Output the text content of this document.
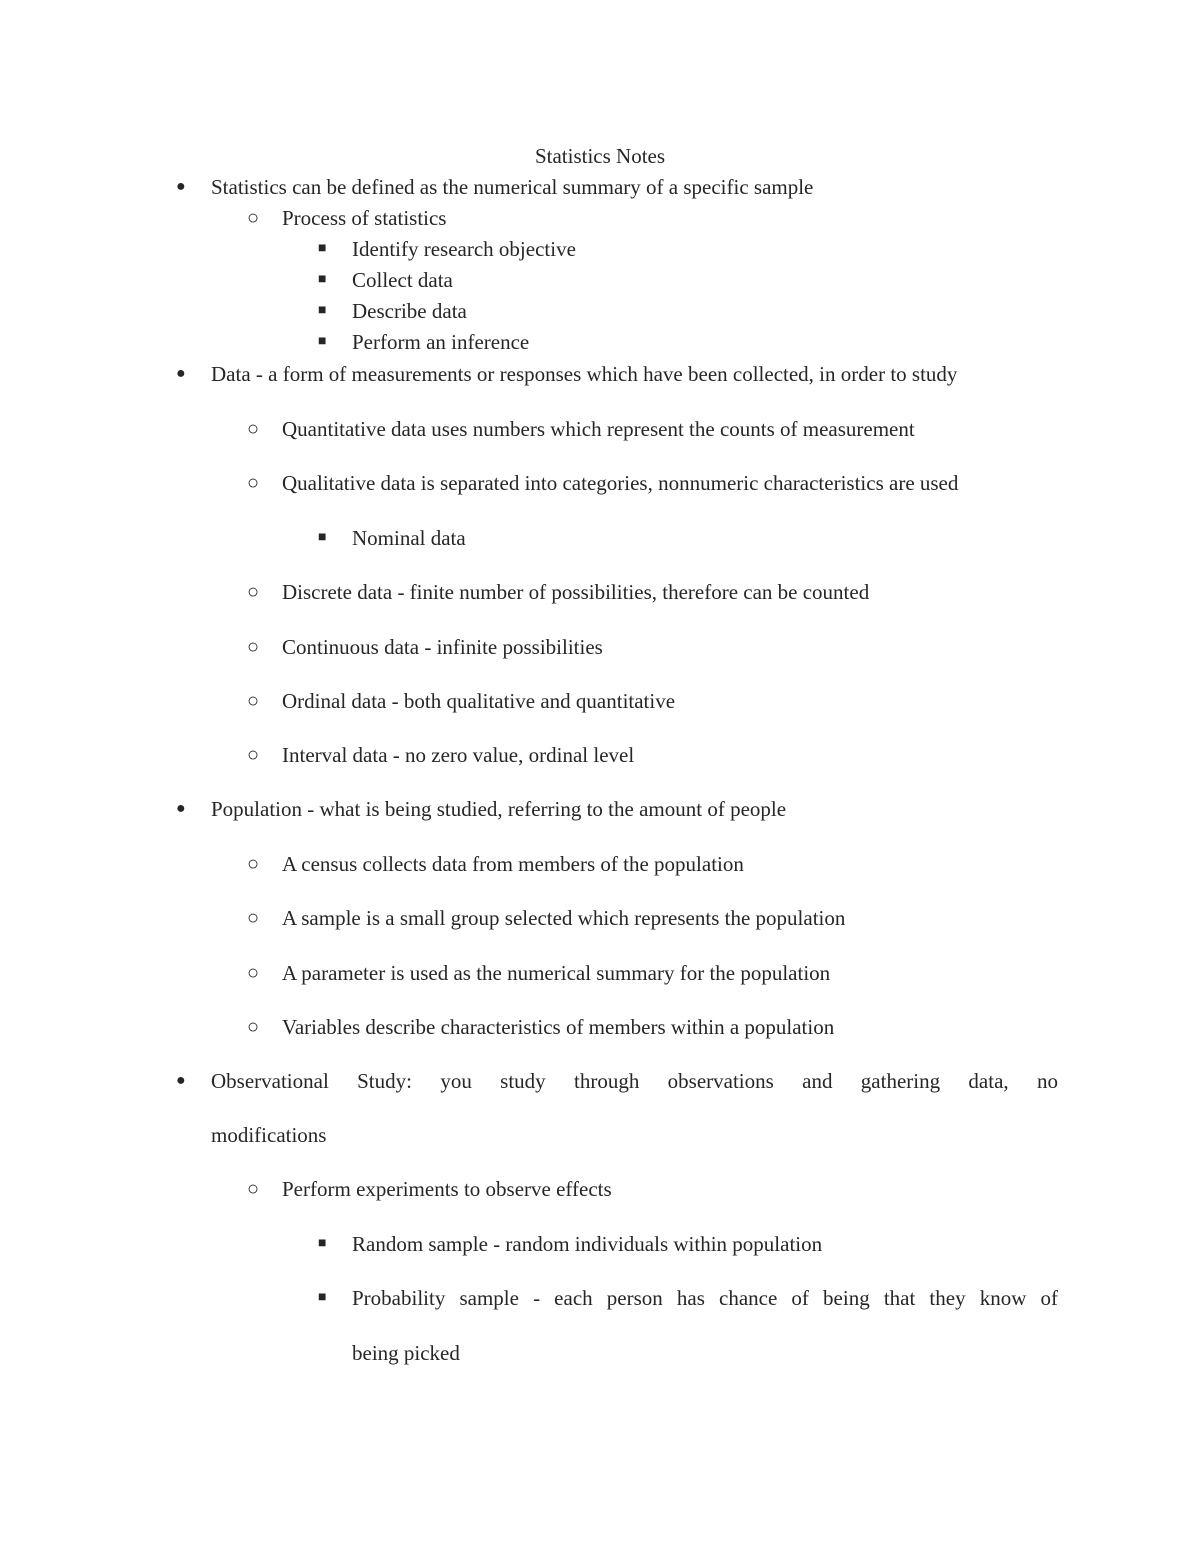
Statistics Notes
● Statistics can be defined as the numerical summary of a specific sample
○ Process of statistics
■ Identify research objective
■ Collect data
■ Describe data
■ Perform an inference
● Data - a form of measurements or responses which have been collected, in order to study
○ Quantitative data uses numbers which represent the counts of measurement
○ Qualitative data is separated into categories, nonnumeric characteristics are used
■ Nominal data
○ Discrete data - finite number of possibilities, therefore can be counted
○ Continuous data - infinite possibilities
○ Ordinal data - both qualitative and quantitative
○ Interval data - no zero value, ordinal level
● Population - what is being studied, referring to the amount of people
○ A census collects data from members of the population
○ A sample is a small group selected which represents the population
○ A parameter is used as the numerical summary for the population
○ Variables describe characteristics of members within a population
● Observational Study: you study through observations and gathering data, no
modifications
○ Perform experiments to observe effects
■ Random sample - random individuals within population
■ Probability sample - each person has chance of being that they know of
being picked
